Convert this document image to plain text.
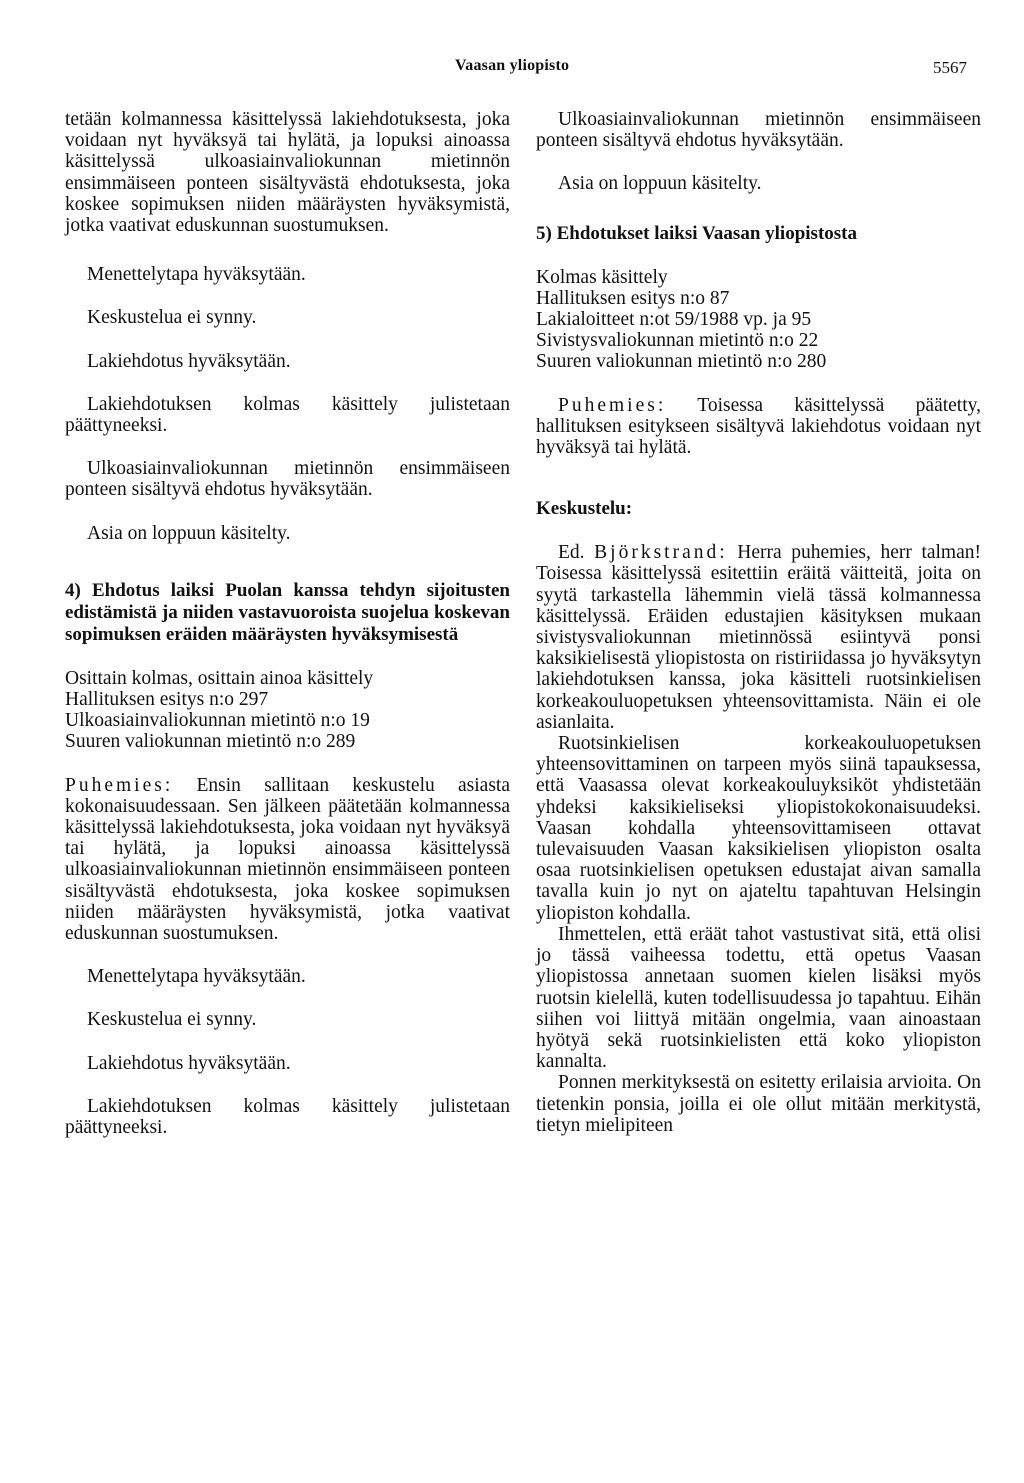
Vaasan yliopisto	5567

tetään kolmannessa käsittelyssä lakiehdotuksesta, joka voidaan nyt hyväksyä tai hylätä, ja lopuksi ainoassa käsittelyssä ulkoasiainvaliokunnan mietinnön ensimmäiseen ponteen sisältyvästä ehdotuksesta, joka koskee sopimuksen niiden määräysten hyväksymistä, jotka vaativat eduskunnan suostumuksen.

Menettelytapa hyväksytään.

Keskustelua ei synny.

Lakiehdotus hyväksytään.

Lakiehdotuksen kolmas käsittely julistetaan päättyneeksi.

Ulkoasiainvaliokunnan mietinnön ensimmäiseen ponteen sisältyvä ehdotus hyväksytään.

Asia on loppuun käsitelty.

4) Ehdotus laiksi Puolan kanssa tehdyn sijoitusten edistämistä ja niiden vastavuoroista suojelua koskevan sopimuksen eräiden määräysten hyväksymisestä

Osittain kolmas, osittain ainoa käsittely
Hallituksen esitys n:o 297
Ulkoasiainvaliokunnan mietintö n:o 19
Suuren valiokunnan mietintö n:o 289

Puhemies: Ensin sallitaan keskustelu asiasta kokonaisuudessaan. Sen jälkeen päätetään kolmannessa käsittelyssä lakiehdotuksesta, joka voidaan nyt hyväksyä tai hylätä, ja lopuksi ainoassa käsittelyssä ulkoasiainvaliokunnan mietinnön ensimmäiseen ponteen sisältyvästä ehdotuksesta, joka koskee sopimuksen niiden määräysten hyväksymistä, jotka vaativat eduskunnan suostumuksen.

Menettelytapa hyväksytään.

Keskustelua ei synny.

Lakiehdotus hyväksytään.

Lakiehdotuksen kolmas käsittely julistetaan päättyneeksi.

Ulkoasiainvaliokunnan mietinnön ensimmäiseen ponteen sisältyvä ehdotus hyväksytään.

Asia on loppuun käsitelty.

5) Ehdotukset laiksi Vaasan yliopistosta

Kolmas käsittely
Hallituksen esitys n:o 87
Lakialoitteet n:ot 59/1988 vp. ja 95
Sivistysvaliokunnan mietintö n:o 22
Suuren valiokunnan mietintö n:o 280

Puhemies: Toisessa käsittelyssä päätetty, hallituksen esitykseen sisältyvä lakiehdotus voidaan nyt hyväksyä tai hylätä.

Keskustelu:

Ed. Björkstrand: Herra puhemies, herr talman! Toisessa käsittelyssä esitettiin eräitä väitteitä, joita on syytä tarkastella lähemmin vielä tässä kolmannessa käsittelyssä. Eräiden edustajien käsityksen mukaan sivistysvaliokunnan mietinnössä esiintyvä ponsi kaksikielisestä yliopistosta on ristiriidassa jo hyväksytyn lakiehdotuksen kanssa, joka käsitteli ruotsinkielisen korkeakouluopetuksen yhteensovittamista. Näin ei ole asianlaita.

Ruotsinkielisen korkeakouluopetuksen yhteensovittaminen on tarpeen myös siinä tapauksessa, että Vaasassa olevat korkeakouluyksiköt yhdistetään yhdeksi kaksikieliseksi yliopistokokonaisuudeksi. Vaasan kohdalla yhteensovittamiseen ottavat tulevaisuuden Vaasan kaksikielisen yliopiston osalta osaa ruotsinkielisen opetuksen edustajat aivan samalla tavalla kuin jo nyt on ajateltu tapahtuvan Helsingin yliopiston kohdalla.

Ihmettelen, että eräät tahot vastustivat sitä, että olisi jo tässä vaiheessa todettu, että opetus Vaasan yliopistossa annetaan suomen kielen lisäksi myös ruotsin kielellä, kuten todellisuudessa jo tapahtuu. Eihän siihen voi liittyä mitään ongelmia, vaan ainoastaan hyötyä sekä ruotsinkielisten että koko yliopiston kannalta.

Ponnen merkityksestä on esitetty erilaisia arvioita. On tietenkin ponsia, joilla ei ole ollut mitään merkitystä, tietyn mielipiteen
